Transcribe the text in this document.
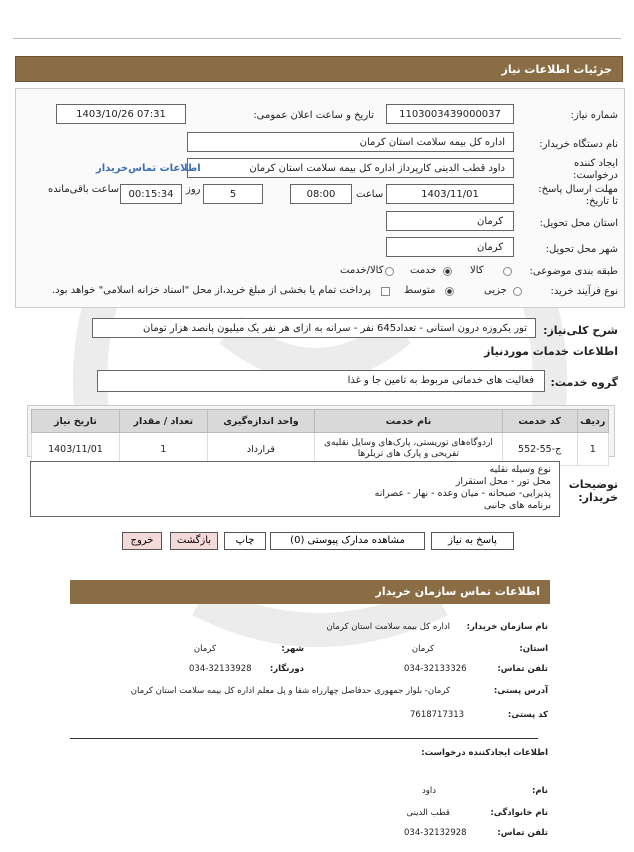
جزئیات اطلاعات نیاز
شماره نیاز:
1103003439000037
تاریخ و ساعت اعلان عمومی:
1403/10/26 07:31
نام دستگاه خریدار:
اداره کل بیمه سلامت استان کرمان
ایجاد کننده درخواست:
داود قطب الدینی کارپرداز اداره کل بیمه سلامت استان کرمان
اطلاعات تماس‌خریدار
مهلت ارسال پاسخ: تا تاریخ:
1403/11/01
ساعت
08:00
5
روز
00:15:34
ساعت باقی‌مانده
استان محل تحویل:
کرمان
شهر محل تحویل:
کرمان
طبقه بندی موضوعی:
کالا
خدمت
کالا/خدمت
نوع فرآیند خرید:
جزیی
متوسط
پرداخت تمام یا بخشی از مبلغ خرید،از محل "اسناد خزانه اسلامی" خواهد بود.
شرح کلی‌نیاز:
تور یکروزه درون استانی - تعداد645 نفر - سرانه به ازای هر نفر یک میلیون پانصد هزار تومان
اطلاعات خدمات موردنیاز
گروه خدمت:
فعالیت های خدماتی مربوط به تامین جا و غذا
ردیف	کد خدمت	نام خدمت	واحد اندازه‌گیری	تعداد / مقدار	تاریخ نیاز
1	ج-55-552	اردوگاه‌های توریستی، پارک‌های وسایل نقلیه‌ی تفریحی و پارک های تریلرها	قرارداد	1	1403/11/01
توضیحات خریدار:
نوع وسیله نقلیه
محل تور - محل استقرار
پذیرایی- صبحانه - میان وعده - نهار - عصرانه
برنامه های جانبی
پاسخ به نیاز
مشاهده مدارک پیوستی (0)
چاپ
بازگشت
خروج
اطلاعات تماس سازمان خریدار
نام سازمان خریدار:
اداره کل بیمه سلامت استان کرمان
استان:
کرمان
شهر:
کرمان
تلفن تماس:
034-32133326
دورنگار:
034-32133928
آدرس پستی:
کرمان- بلوار جمهوری حدفاصل چهارراه شفا و پل معلم اداره کل بیمه سلامت استان کرمان
کد پستی:
7618717313
اطلاعات ایجادکننده درخواست:
نام:
داود
نام خانوادگی:
قطب الدینی
تلفن تماس:
034-32132928
